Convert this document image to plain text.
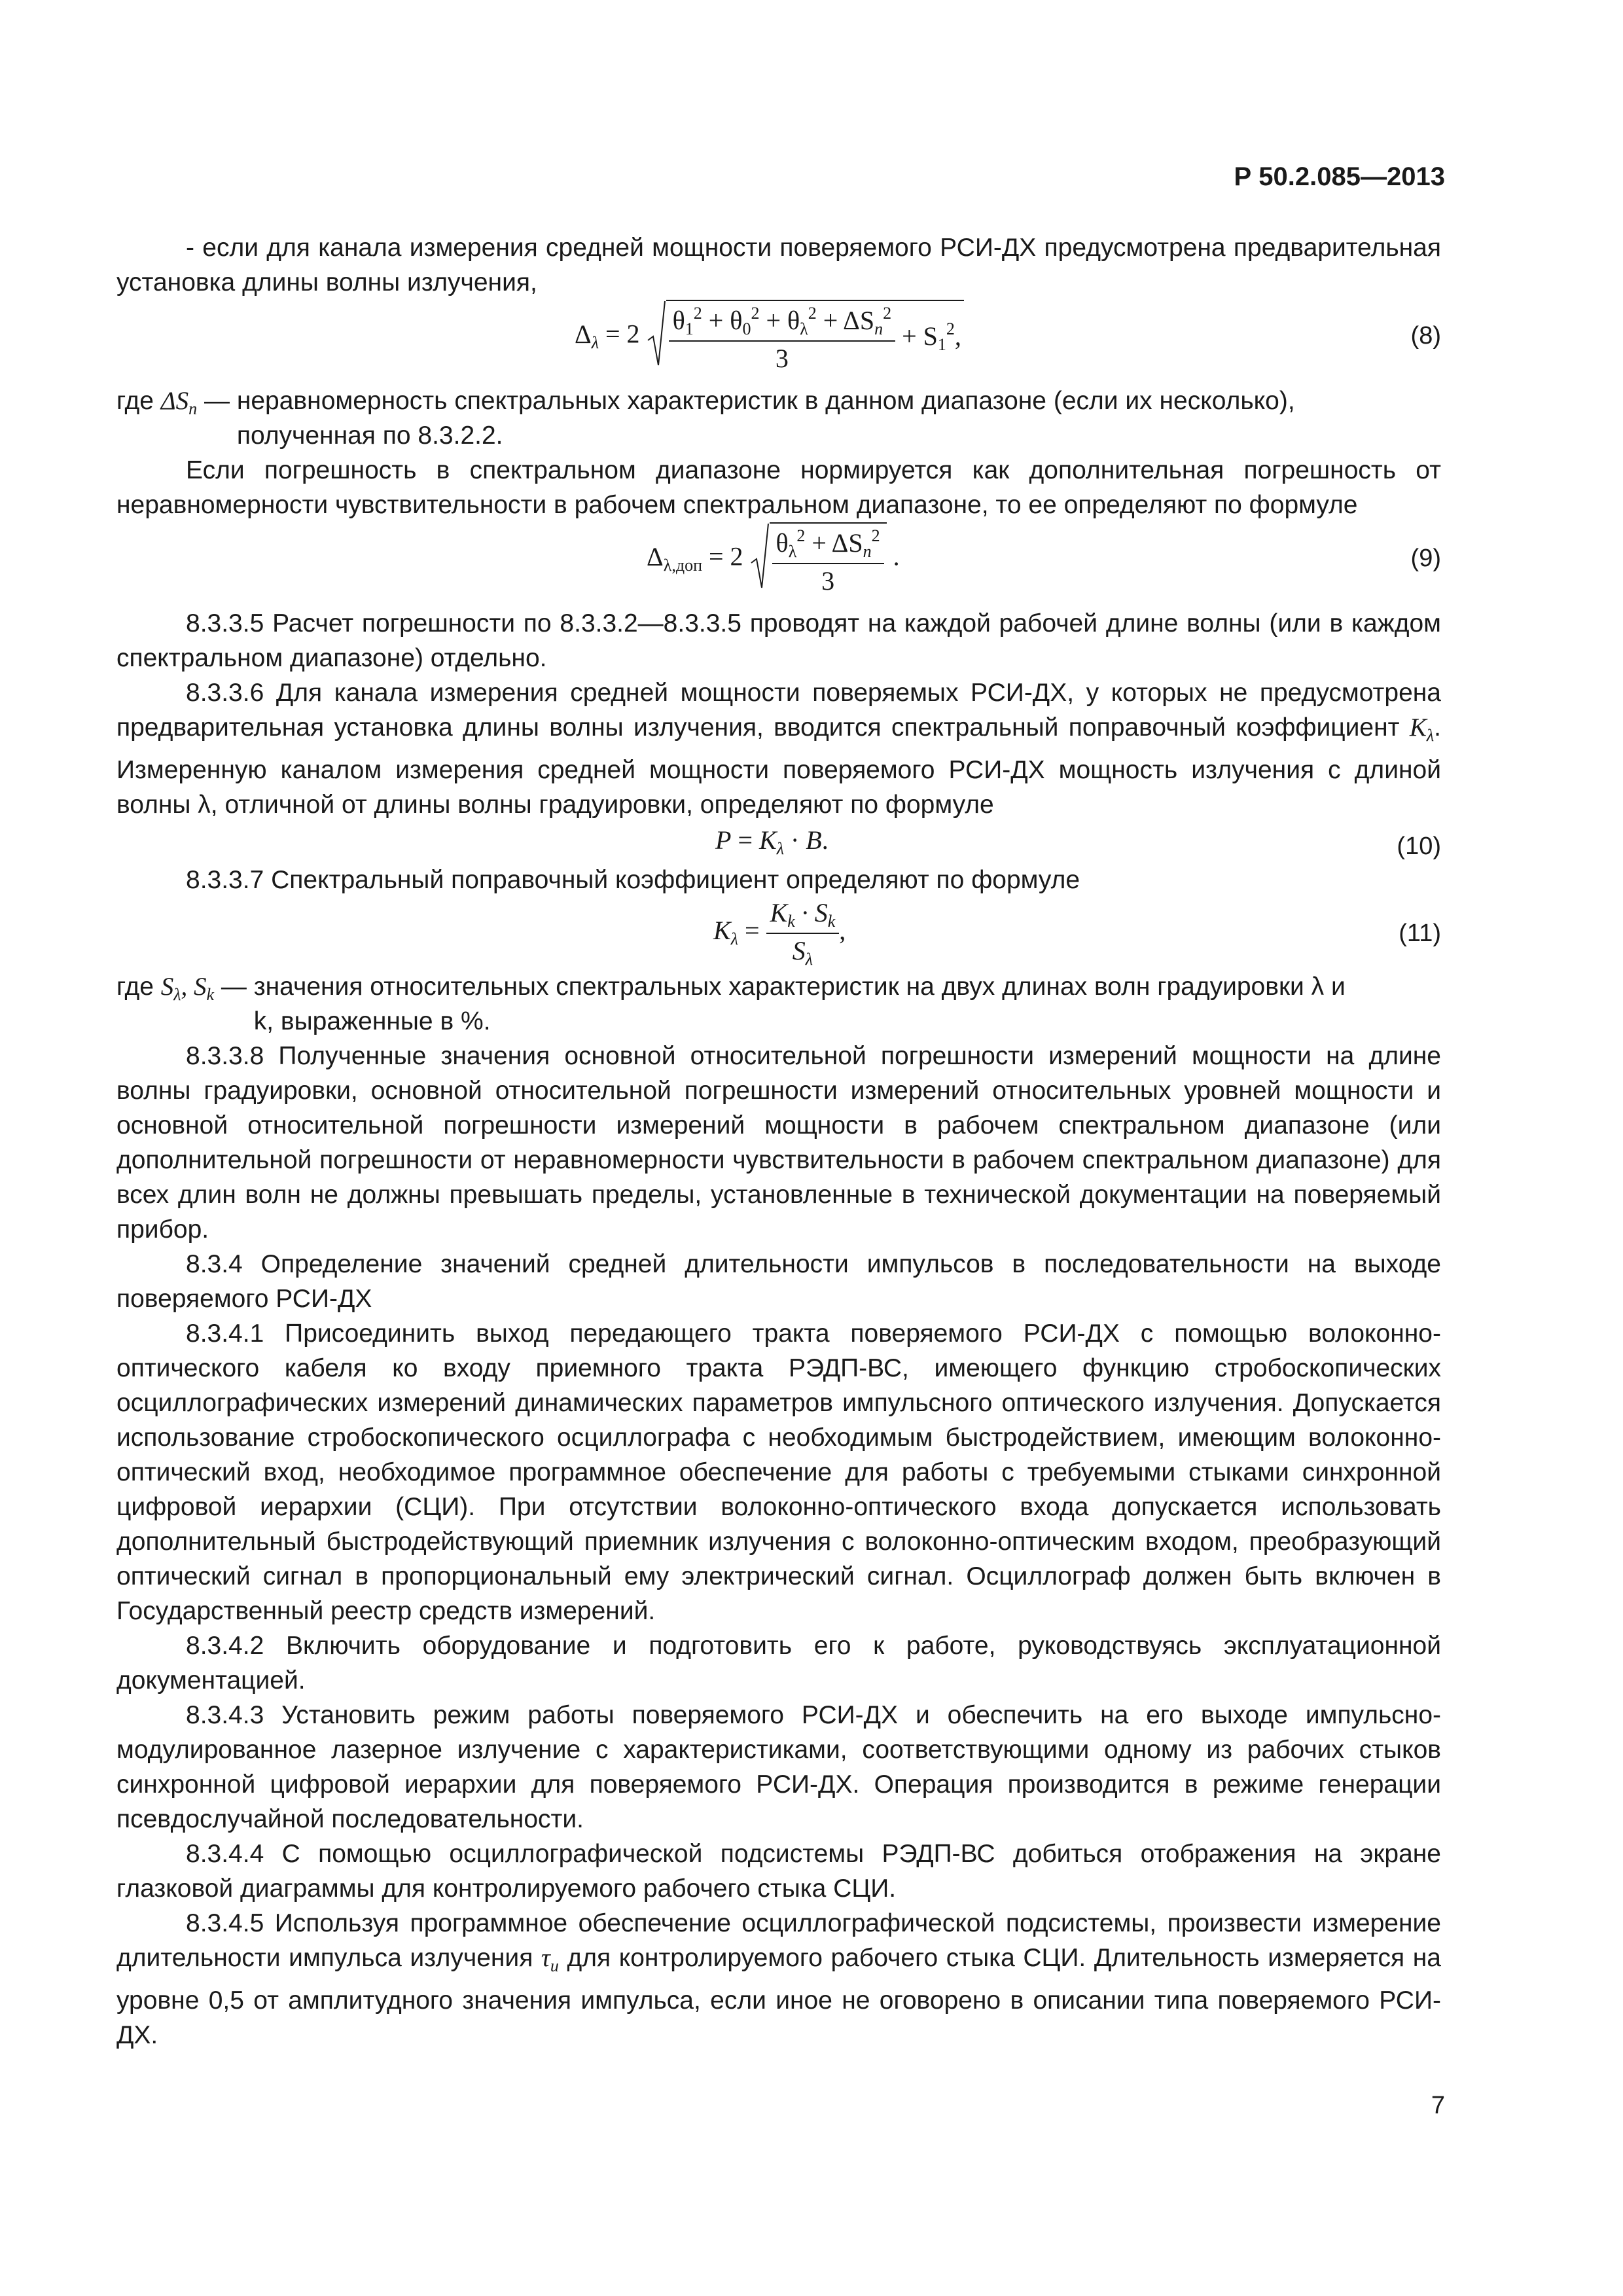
Р 50.2.085—2013

- если для канала измерения средней мощности поверяемого РСИ-ДХ предусмотрена предварительная установка длины волны излучения,

$\Delta_\lambda = 2 \frac{\theta_1^2 + \theta_0^2 + \theta_\lambda^2 + \Delta S_n^2}{3} + S_1^2$,	(8)
где $\Delta S_n$ — неравномерность спектральных характеристик в данном диапазоне (если их несколько),
полученная по 8.3.2.2.

Если погрешность в спектральном диапазоне нормируется как дополнительная погрешность от неравномерности чувствительности в рабочем спектральном диапазоне, то ее определяют по формуле

$\Delta_{\lambda,доп} = 2 \frac{\theta_\lambda^2 + \Delta S_n^2}{3}$ .	(9)

8.3.3.5 Расчет погрешности по 8.3.3.2—8.3.3.5 проводят на каждой рабочей длине волны (или в каждом спектральном диапазоне) отдельно.

8.3.3.6 Для канала измерения средней мощности поверяемых РСИ-ДХ, у которых не предусмотрена предварительная установка длины волны излучения, вводится спектральный поправочный коэффициент $K_\lambda$. Измеренную каналом измерения средней мощности поверяемого РСИ-ДХ мощность излучения с длиной волны λ, отличной от длины волны градуировки, определяют по формуле

$P = K_\lambda \cdot B$.	(10)

8.3.3.7 Спектральный поправочный коэффициент определяют по формуле

$K_\lambda = \frac{K_k \cdot S_k}{S_\lambda}$ ,	(11)
где $S_\lambda$, $S_k$ — значения относительных спектральных характеристик на двух длинах волн градуировки λ и
k, выраженные в %.

8.3.3.8 Полученные значения основной относительной погрешности измерений мощности на длине волны градуировки, основной относительной погрешности измерений относительных уровней мощности и основной относительной погрешности измерений мощности в рабочем спектральном диапазоне (или дополнительной погрешности от неравномерности чувствительности в рабочем спектральном диапазоне) для всех длин волн не должны превышать пределы, установленные в технической документации на поверяемый прибор.

8.3.4 Определение значений средней длительности импульсов в последовательности на выходе поверяемого РСИ-ДХ

8.3.4.1 Присоединить выход передающего тракта поверяемого РСИ-ДХ с помощью волоконно-оптического кабеля ко входу приемного тракта РЭДП-ВС, имеющего функцию стробоскопических осциллографических измерений динамических параметров импульсного оптического излучения. Допускается использование стробоскопического осциллографа с необходимым быстродействием, имеющим волоконно-оптический вход, необходимое программное обеспечение для работы с требуемыми стыками синхронной цифровой иерархии (СЦИ). При отсутствии волоконно-оптического входа допускается использовать дополнительный быстродействующий приемник излучения с волоконно-оптическим входом, преобразующий оптический сигнал в пропорциональный ему электрический сигнал. Осциллограф должен быть включен в Государственный реестр средств измерений.

8.3.4.2 Включить оборудование и подготовить его к работе, руководствуясь эксплуатационной документацией.

8.3.4.3 Установить режим работы поверяемого РСИ-ДХ и обеспечить на его выходе импульсно-модулированное лазерное излучение с характеристиками, соответствующими одному из рабочих стыков синхронной цифровой иерархии для поверяемого РСИ-ДХ. Операция производится в режиме генерации псевдослучайной последовательности.

8.3.4.4 С помощью осциллографической подсистемы РЭДП-ВС добиться отображения на экране глазковой диаграммы для контролируемого рабочего стыка СЦИ.

8.3.4.5 Используя программное обеспечение осциллографической подсистемы, произвести измерение длительности импульса излучения $\tau_и$ для контролируемого рабочего стыка СЦИ. Длительность измеряется на уровне 0,5 от амплитудного значения импульса, если иное не оговорено в описании типа поверяемого РСИ-ДХ.

7
